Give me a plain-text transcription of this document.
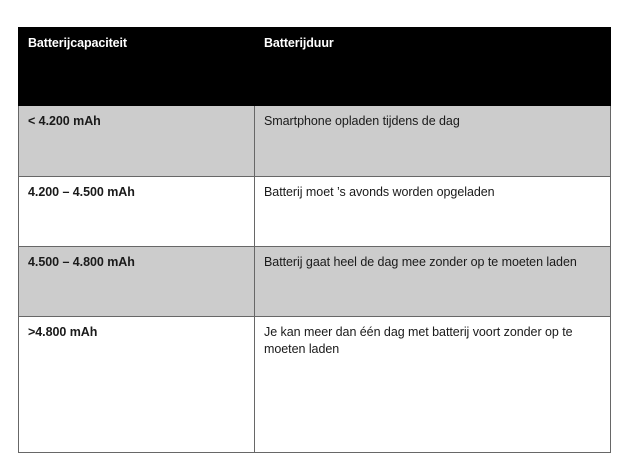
Batterijcapaciteit	Batterijduur

< 4.200 mAh	Smartphone opladen tijdens de dag

4.200 – 4.500 mAh	Batterij moet ’s avonds worden opgeladen

4.500 – 4.800 mAh	Batterij gaat heel de dag mee zonder op te moeten laden

>4.800 mAh	Je kan meer dan één dag met batterij voort zonder op te moeten laden
